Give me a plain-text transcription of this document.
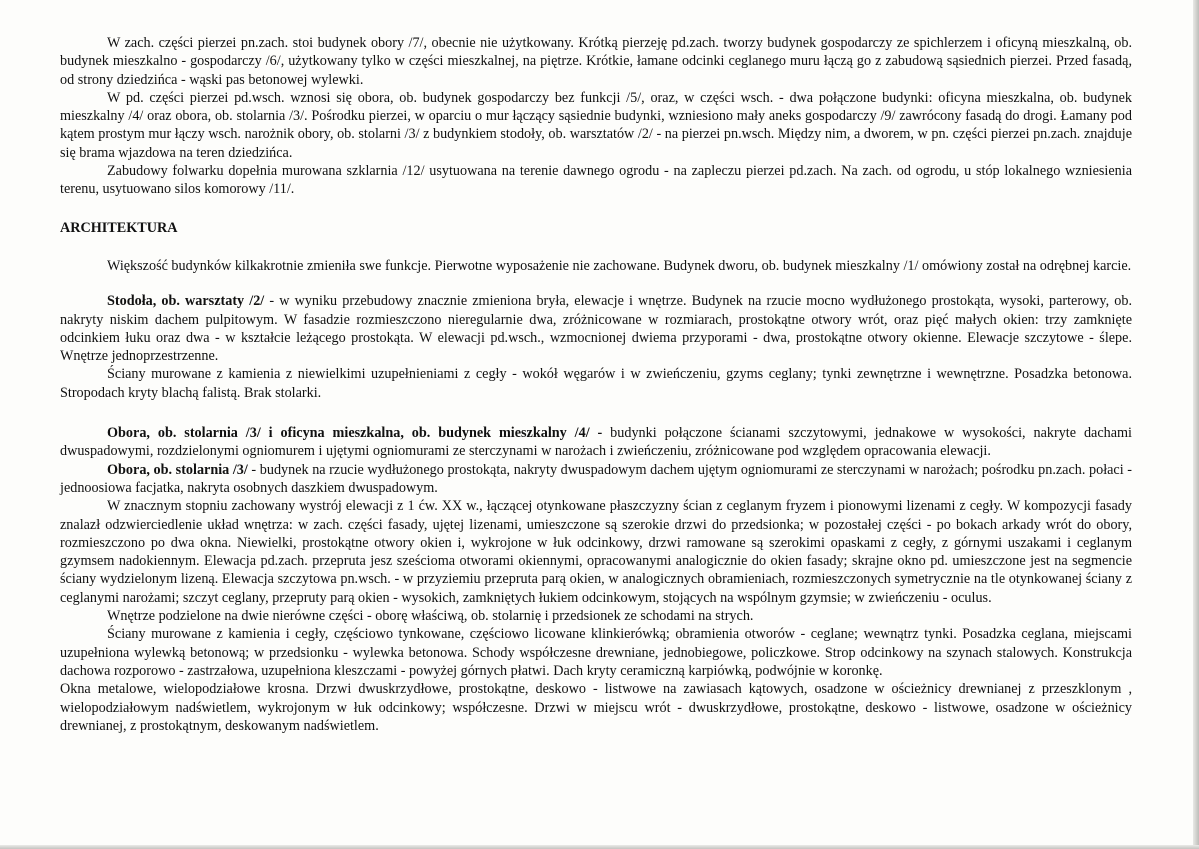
W zach. części pierzei pn.zach. stoi budynek obory /7/, obecnie nie użytkowany. Krótką pierzeję pd.zach. tworzy budynek gospodarczy ze spichlerzem i oficyną mieszkalną, ob. budynek mieszkalno - gospodarczy /6/, użytkowany tylko w części mieszkalnej, na piętrze. Krótkie, łamane odcinki ceglanego muru łączą go z zabudową sąsiednich pierzei. Przed fasadą, od strony dziedzińca - wąski pas betonowej wylewki.

W pd. części pierzei pd.wsch. wznosi się obora, ob. budynek gospodarczy bez funkcji /5/, oraz, w części wsch. - dwa połączone budynki: oficyna mieszkalna, ob. budynek mieszkalny /4/ oraz obora, ob. stolarnia /3/. Pośrodku pierzei, w oparciu o mur łączący sąsiednie budynki, wzniesiono mały aneks gospodarczy /9/ zawrócony fasadą do drogi. Łamany pod kątem prostym mur łączy wsch. narożnik obory, ob. stolarni /3/ z budynkiem stodoły, ob. warsztatów /2/ - na pierzei pn.wsch. Między nim, a dworem, w pn. części pierzei pn.zach. znajduje się brama wjazdowa na teren dziedzińca.

Zabudowy folwarku dopełnia murowana szklarnia /12/ usytuowana na terenie dawnego ogrodu - na zapleczu pierzei pd.zach. Na zach. od ogrodu, u stóp lokalnego wzniesienia terenu, usytuowano silos komorowy /11/.

ARCHITEKTURA

Większość budynków kilkakrotnie zmieniła swe funkcje. Pierwotne wyposażenie nie zachowane. Budynek dworu, ob. budynek mieszkalny /1/ omówiony został na odrębnej karcie.

Stodoła, ob. warsztaty /2/ - w wyniku przebudowy znacznie zmieniona bryła, elewacje i wnętrze. Budynek na rzucie mocno wydłużonego prostokąta, wysoki, parterowy, ob. nakryty niskim dachem pulpitowym. W fasadzie rozmieszczono nieregularnie dwa, zróżnicowane w rozmiarach, prostokątne otwory wrót, oraz pięć małych okien: trzy zamknięte odcinkiem łuku oraz dwa - w kształcie leżącego prostokąta. W elewacji pd.wsch., wzmocnionej dwiema przyporami - dwa, prostokątne otwory okienne. Elewacje szczytowe - ślepe. Wnętrze jednoprzestrzenne.

Ściany murowane z kamienia z niewielkimi uzupełnieniami z cegły - wokół węgarów i w zwieńczeniu, gzyms ceglany; tynki zewnętrzne i wewnętrzne. Posadzka betonowa. Stropodach kryty blachą falistą. Brak stolarki.

Obora, ob. stolarnia /3/ i oficyna mieszkalna, ob. budynek mieszkalny /4/ - budynki połączone ścianami szczytowymi, jednakowe w wysokości, nakryte dachami dwuspadowymi, rozdzielonymi ogniomurem i ujętymi ogniomurami ze sterczynami w narożach i zwieńczeniu, zróżnicowane pod względem opracowania elewacji.

Obora, ob. stolarnia /3/ - budynek na rzucie wydłużonego prostokąta, nakryty dwuspadowym dachem ujętym ogniomurami ze sterczynami w narożach; pośrodku pn.zach. połaci - jednoosiowa facjatka, nakryta osobnych daszkiem dwuspadowym.

W znacznym stopniu zachowany wystrój elewacji z 1 ćw. XX w., łączącej otynkowane płaszczyzny ścian z ceglanym fryzem i pionowymi lizenami z cegły. W kompozycji fasady znalazł odzwierciedlenie układ wnętrza: w zach. części fasady, ujętej lizenami, umieszczone są szerokie drzwi do przedsionka; w pozostałej części - po bokach arkady wrót do obory, rozmieszczono po dwa okna. Niewielki, prostokątne otwory okien i, wykrojone w łuk odcinkowy, drzwi ramowane są szerokimi opaskami z cegły, z górnymi uszakami i ceglanym gzymsem nadokiennym. Elewacja pd.zach. przepruta jesz sześcioma otworami okiennymi, opracowanymi analogicznie do okien fasady; skrajne okno pd. umieszczone jest na segmencie ściany wydzielonym lizeną. Elewacja szczytowa pn.wsch. - w przyziemiu przepruta parą okien, w analogicznych obramieniach, rozmieszczonych symetrycznie na tle otynkowanej ściany z ceglanymi narożami; szczyt ceglany, przepruty parą okien - wysokich, zamkniętych łukiem odcinkowym, stojących na wspólnym gzymsie; w zwieńczeniu - oculus.

Wnętrze podzielone na dwie nierówne części - oborę właściwą, ob. stolarnię i przedsionek ze schodami na strych.

Ściany murowane z kamienia i cegły, częściowo tynkowane, częściowo licowane klinkierówką; obramienia otworów - ceglane; wewnątrz tynki. Posadzka ceglana, miejscami uzupełniona wylewką betonową; w przedsionku - wylewka betonowa. Schody współczesne drewniane, jednobiegowe, policzkowe. Strop odcinkowy na szynach stalowych. Konstrukcja dachowa rozporowo - zastrzałowa, uzupełniona kleszczami - powyżej górnych płatwi. Dach kryty ceramiczną karpiówką, podwójnie w koronkę.

Okna metalowe, wielopodziałowe krosna. Drzwi dwuskrzydłowe, prostokątne, deskowo - listwowe na zawiasach kątowych, osadzone w ościeżnicy drewnianej z przeszklonym , wielopodziałowym nadświetlem, wykrojonym w łuk odcinkowy; współczesne. Drzwi w miejscu wrót - dwuskrzydłowe, prostokątne, deskowo - listwowe, osadzone w ościeżnicy drewnianej, z prostokątnym, deskowanym nadświetlem.
